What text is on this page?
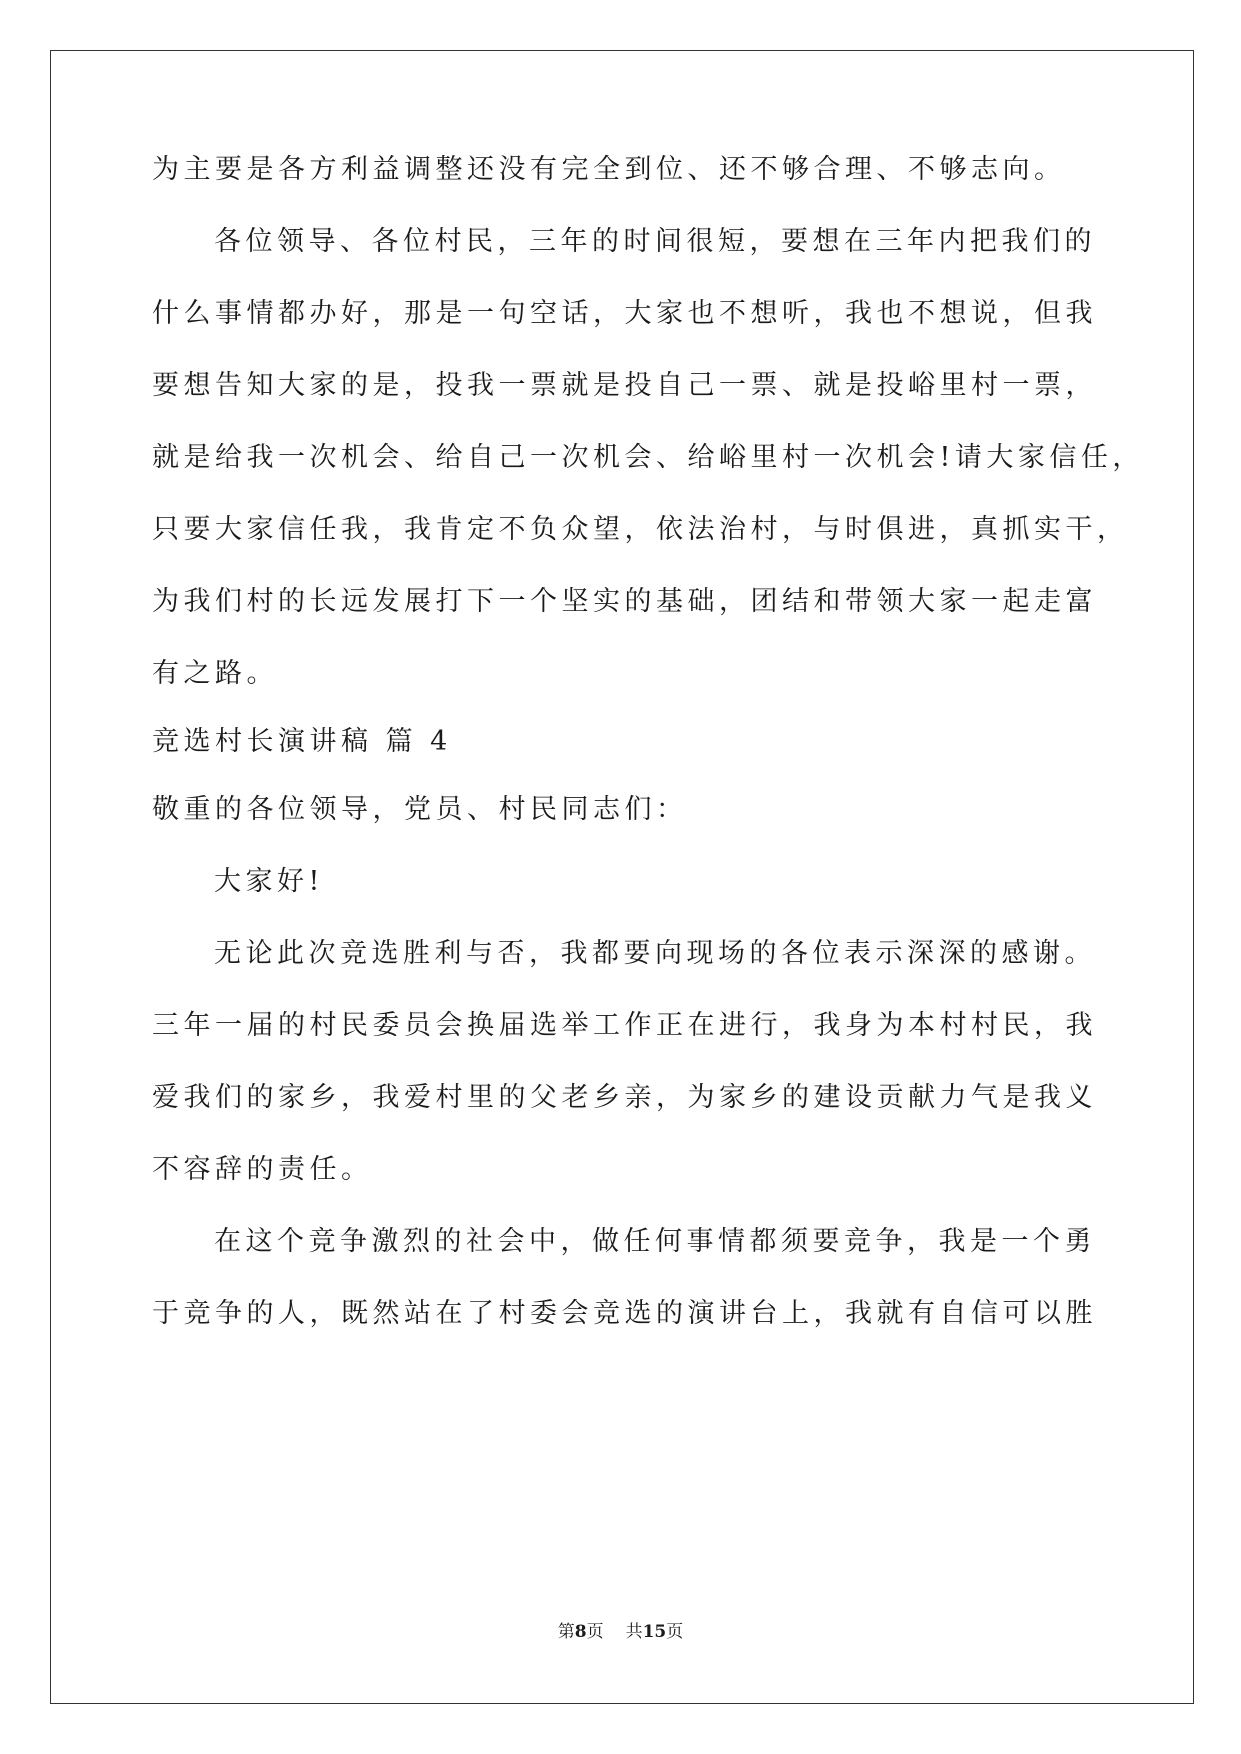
为主要是各方利益调整还没有完全到位、还不够合理、不够志向。
各位领导、各位村民，三年的时间很短，要想在三年内把我们的
什么事情都办好，那是一句空话，大家也不想听，我也不想说，但我
要想告知大家的是，投我一票就是投自己一票、就是投峪里村一票，
就是给我一次机会、给自己一次机会、给峪里村一次机会!请大家信任，
只要大家信任我，我肯定不负众望，依法治村，与时俱进，真抓实干，
为我们村的长远发展打下一个坚实的基础，团结和带领大家一起走富
有之路。
竞选村长演讲稿 篇 4
敬重的各位领导，党员、村民同志们：
大家好!
无论此次竞选胜利与否，我都要向现场的各位表示深深的感谢。
三年一届的村民委员会换届选举工作正在进行，我身为本村村民，我
爱我们的家乡，我爱村里的父老乡亲，为家乡的建设贡献力气是我义
不容辞的责任。
在这个竞争激烈的社会中，做任何事情都须要竞争，我是一个勇
于竞争的人，既然站在了村委会竞选的演讲台上，我就有自信可以胜
第8页 共15页
